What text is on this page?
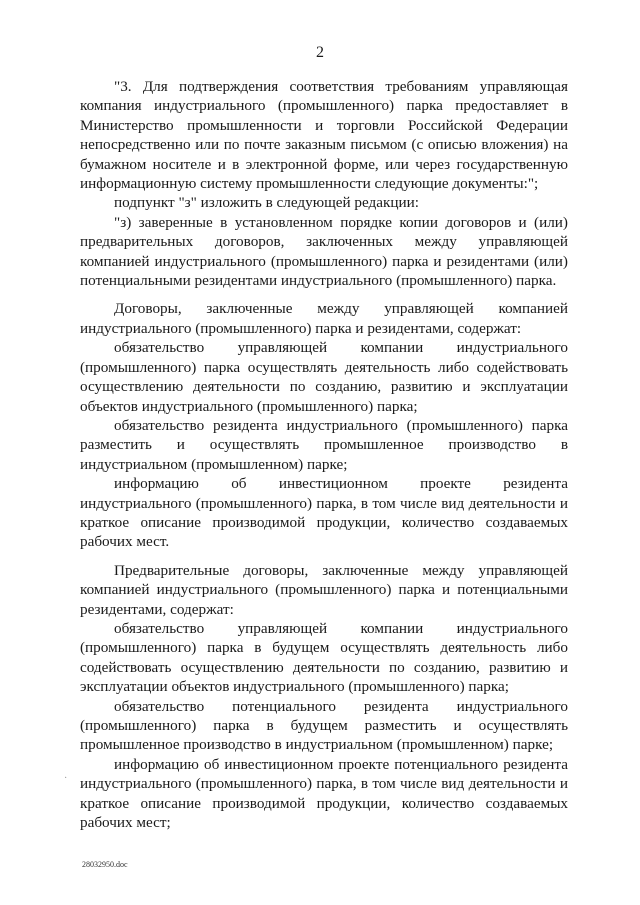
2

"3. Для подтверждения соответствия требованиям управляющая компания индустриального (промышленного) парка предоставляет в Министерство промышленности и торговли Российской Федерации непосредственно или по почте заказным письмом (с описью вложения) на бумажном носителе и в электронной форме, или через государственную информационную систему промышленности следующие документы:";

подпункт "з" изложить в следующей редакции:

"з) заверенные в установленном порядке копии договоров и (или) предварительных договоров, заключенных между управляющей компанией индустриального (промышленного) парка и резидентами (или) потенциальными резидентами индустриального (промышленного) парка.

Договоры, заключенные между управляющей компанией индустриального (промышленного) парка и резидентами, содержат:

обязательство управляющей компании индустриального (промышленного) парка осуществлять деятельность либо содействовать осуществлению деятельности по созданию, развитию и эксплуатации объектов индустриального (промышленного) парка;

обязательство резидента индустриального (промышленного) парка разместить и осуществлять промышленное производство в индустриальном (промышленном) парке;

информацию об инвестиционном проекте резидента индустриального (промышленного) парка, в том числе вид деятельности и краткое описание производимой продукции, количество создаваемых рабочих мест.

Предварительные договоры, заключенные между управляющей компанией индустриального (промышленного) парка и потенциальными резидентами, содержат:

обязательство управляющей компании индустриального (промышленного) парка в будущем осуществлять деятельность либо содействовать осуществлению деятельности по созданию, развитию и эксплуатации объектов индустриального (промышленного) парка;

обязательство потенциального резидента индустриального (промышленного) парка в будущем разместить и осуществлять промышленное производство в индустриальном (промышленном) парке;

информацию об инвестиционном проекте потенциального резидента индустриального (промышленного) парка, в том числе вид деятельности и краткое описание производимой продукции, количество создаваемых рабочих мест;

·
28032950.doc
